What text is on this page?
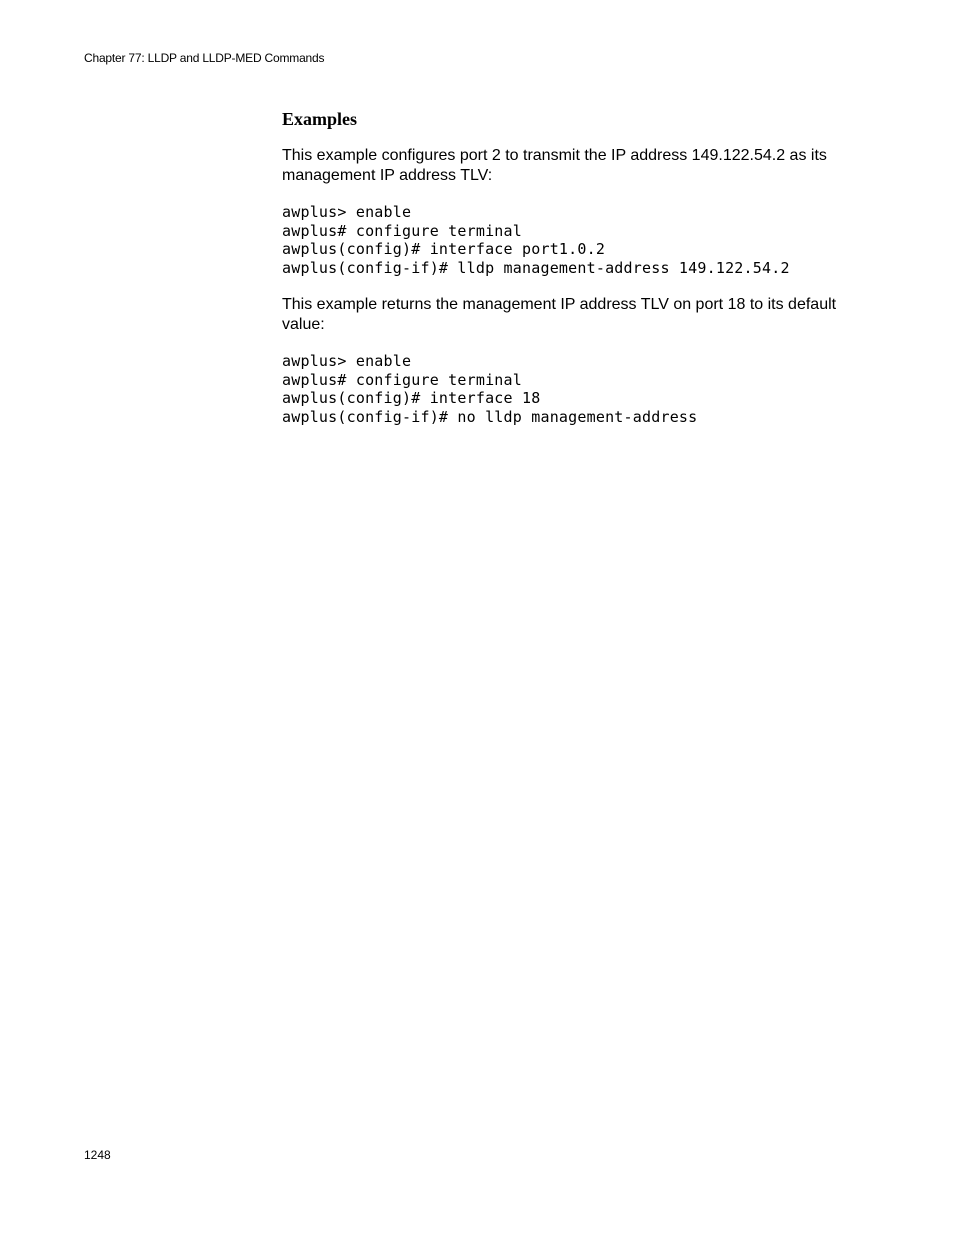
Chapter 77: LLDP and LLDP-MED Commands
Examples

This example configures port 2 to transmit the IP address 149.122.54.2 as its management IP address TLV:

awplus> enable
awplus# configure terminal
awplus(config)# interface port1.0.2
awplus(config-if)# lldp management-address 149.122.54.2

This example returns the management IP address TLV on port 18 to its default value:

awplus> enable
awplus# configure terminal
awplus(config)# interface 18
awplus(config-if)# no lldp management-address
1248
